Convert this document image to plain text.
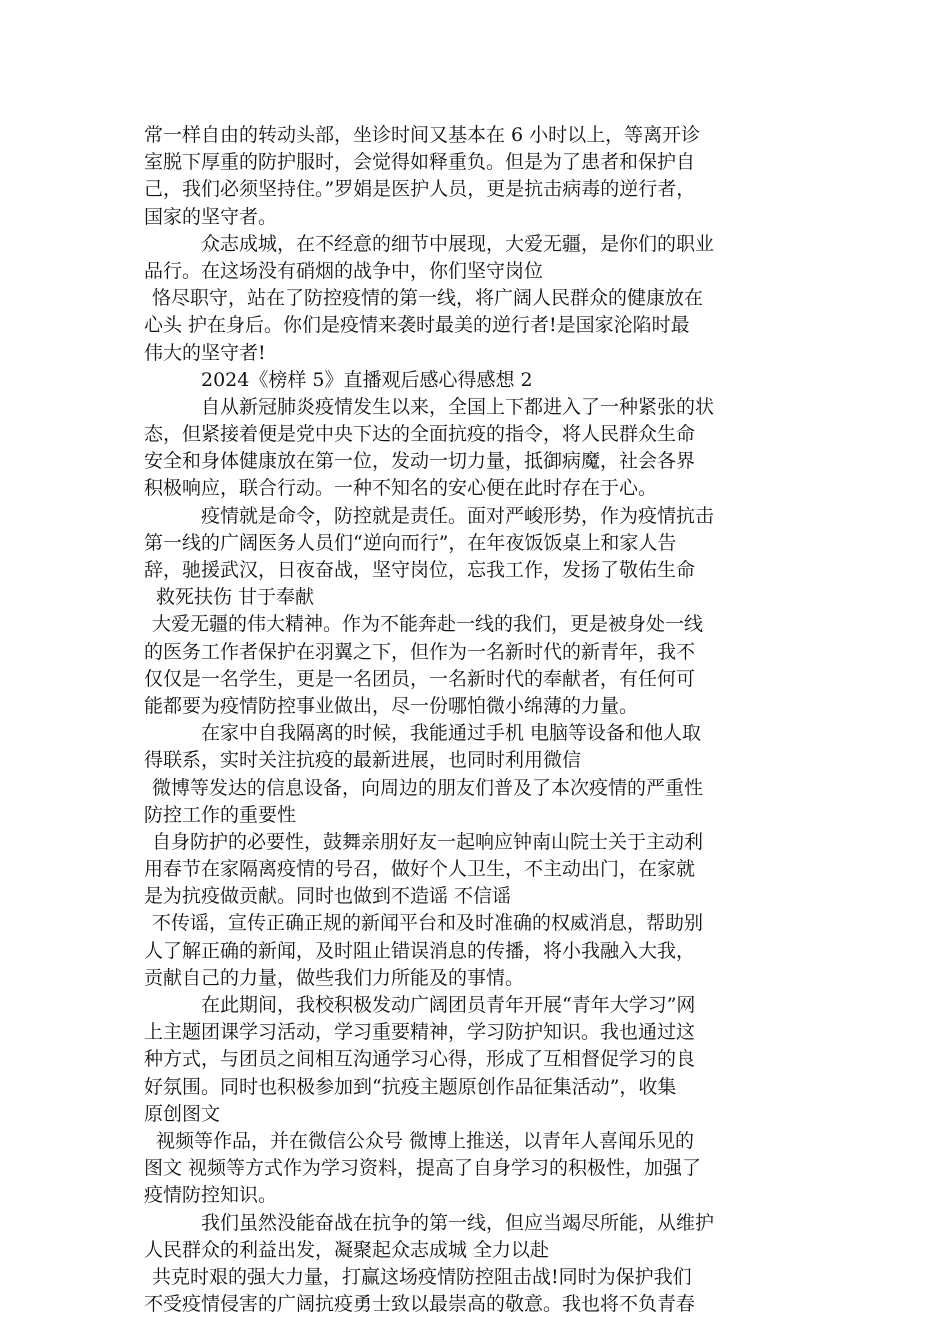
常一样自由的转动头部，坐诊时间又基本在 6 小时以上，等离开诊
室脱下厚重的防护服时，会觉得如释重负。但是为了患者和保护自
己，我们必须坚持住。”罗娟是医护人员，更是抗击病毒的逆行者，
国家的坚守者。
众志成城，在不经意的细节中展现，大爱无疆，是你们的职业
品行。在这场没有硝烟的战争中，你们坚守岗位
恪尽职守，站在了防控疫情的第一线，将广阔人民群众的健康放在
心头 护在身后。你们是疫情来袭时最美的逆行者!是国家沦陷时最
伟大的坚守者!
2024《榜样 5》直播观后感心得感想 2
自从新冠肺炎疫情发生以来，全国上下都进入了一种紧张的状
态，但紧接着便是党中央下达的全面抗疫的指令，将人民群众生命
安全和身体健康放在第一位，发动一切力量，抵御病魔，社会各界
积极响应，联合行动。一种不知名的安心便在此时存在于心。
疫情就是命令，防控就是责任。面对严峻形势，作为疫情抗击
第一线的广阔医务人员们“逆向而行”，在年夜饭饭桌上和家人告
辞，驰援武汉，日夜奋战，坚守岗位，忘我工作，发扬了敬佑生命
救死扶伤 甘于奉献
大爱无疆的伟大精神。作为不能奔赴一线的我们，更是被身处一线
的医务工作者保护在羽翼之下，但作为一名新时代的新青年，我不
仅仅是一名学生，更是一名团员，一名新时代的奉献者，有任何可
能都要为疫情防控事业做出，尽一份哪怕微小绵薄的力量。
在家中自我隔离的时候，我能通过手机 电脑等设备和他人取
得联系，实时关注抗疫的最新进展，也同时利用微信
微博等发达的信息设备，向周边的朋友们普及了本次疫情的严重性
防控工作的重要性
自身防护的必要性，鼓舞亲朋好友一起响应钟南山院士关于主动利
用春节在家隔离疫情的号召，做好个人卫生，不主动出门，在家就
是为抗疫做贡献。同时也做到不造谣 不信谣
不传谣，宣传正确正规的新闻平台和及时准确的权威消息，帮助别
人了解正确的新闻，及时阻止错误消息的传播，将小我融入大我，
贡献自己的力量，做些我们力所能及的事情。
在此期间，我校积极发动广阔团员青年开展“青年大学习”网
上主题团课学习活动，学习重要精神，学习防护知识。我也通过这
种方式，与团员之间相互沟通学习心得，形成了互相督促学习的良
好氛围。同时也积极参加到“抗疫主题原创作品征集活动”，收集
原创图文
视频等作品，并在微信公众号 微博上推送，以青年人喜闻乐见的
图文 视频等方式作为学习资料，提高了自身学习的积极性，加强了
疫情防控知识。
我们虽然没能奋战在抗争的第一线，但应当竭尽所能，从维护
人民群众的利益出发，凝聚起众志成城 全力以赴
共克时艰的强大力量，打赢这场疫情防控阻击战!同时为保护我们
不受疫情侵害的广阔抗疫勇士致以最崇高的敬意。我也将不负青春
